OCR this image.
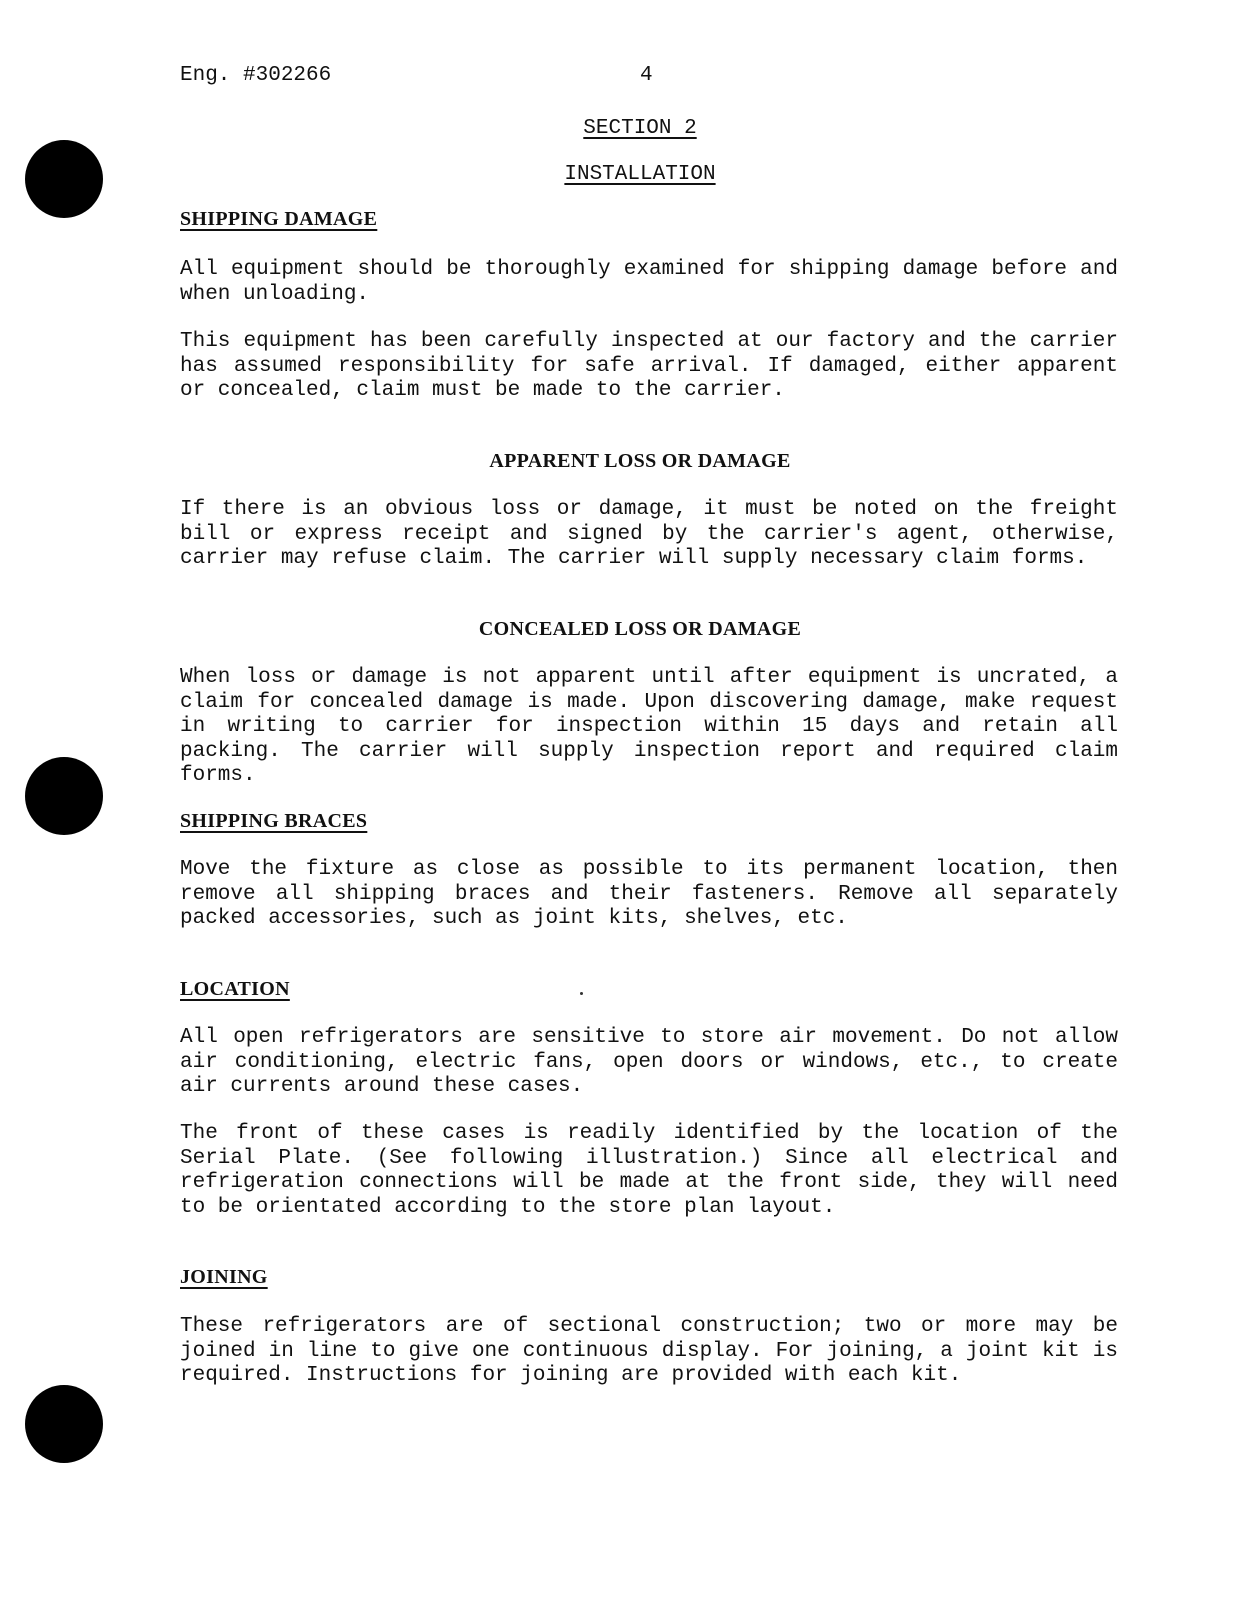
Eng. #302266	4
SECTION 2
INSTALLATION
SHIPPING DAMAGE

All equipment should be thoroughly examined for shipping damage before and when unloading.

This equipment has been carefully inspected at our factory and the carrier has assumed responsibility for safe arrival. If damaged, either apparent or concealed, claim must be made to the carrier.

APPARENT LOSS OR DAMAGE

If there is an obvious loss or damage, it must be noted on the freight bill or express receipt and signed by the carrier's agent, otherwise, carrier may refuse claim. The carrier will supply necessary claim forms.

CONCEALED LOSS OR DAMAGE

When loss or damage is not apparent until after equipment is uncrated, a claim for concealed damage is made. Upon discovering damage, make request in writing to carrier for inspection within 15 days and retain all packing. The carrier will supply inspection report and required claim forms.

SHIPPING BRACES

Move the fixture as close as possible to its permanent location, then remove all shipping braces and their fasteners. Remove all separately packed accessories, such as joint kits, shelves, etc.

LOCATION

All open refrigerators are sensitive to store air movement. Do not allow air conditioning, electric fans, open doors or windows, etc., to create air currents around these cases.

The front of these cases is readily identified by the location of the Serial Plate. (See following illustration.) Since all electrical and refrigeration connections will be made at the front side, they will need to be orientated according to the store plan layout.

JOINING

These refrigerators are of sectional construction; two or more may be joined in line to give one continuous display. For joining, a joint kit is required. Instructions for joining are provided with each kit.
